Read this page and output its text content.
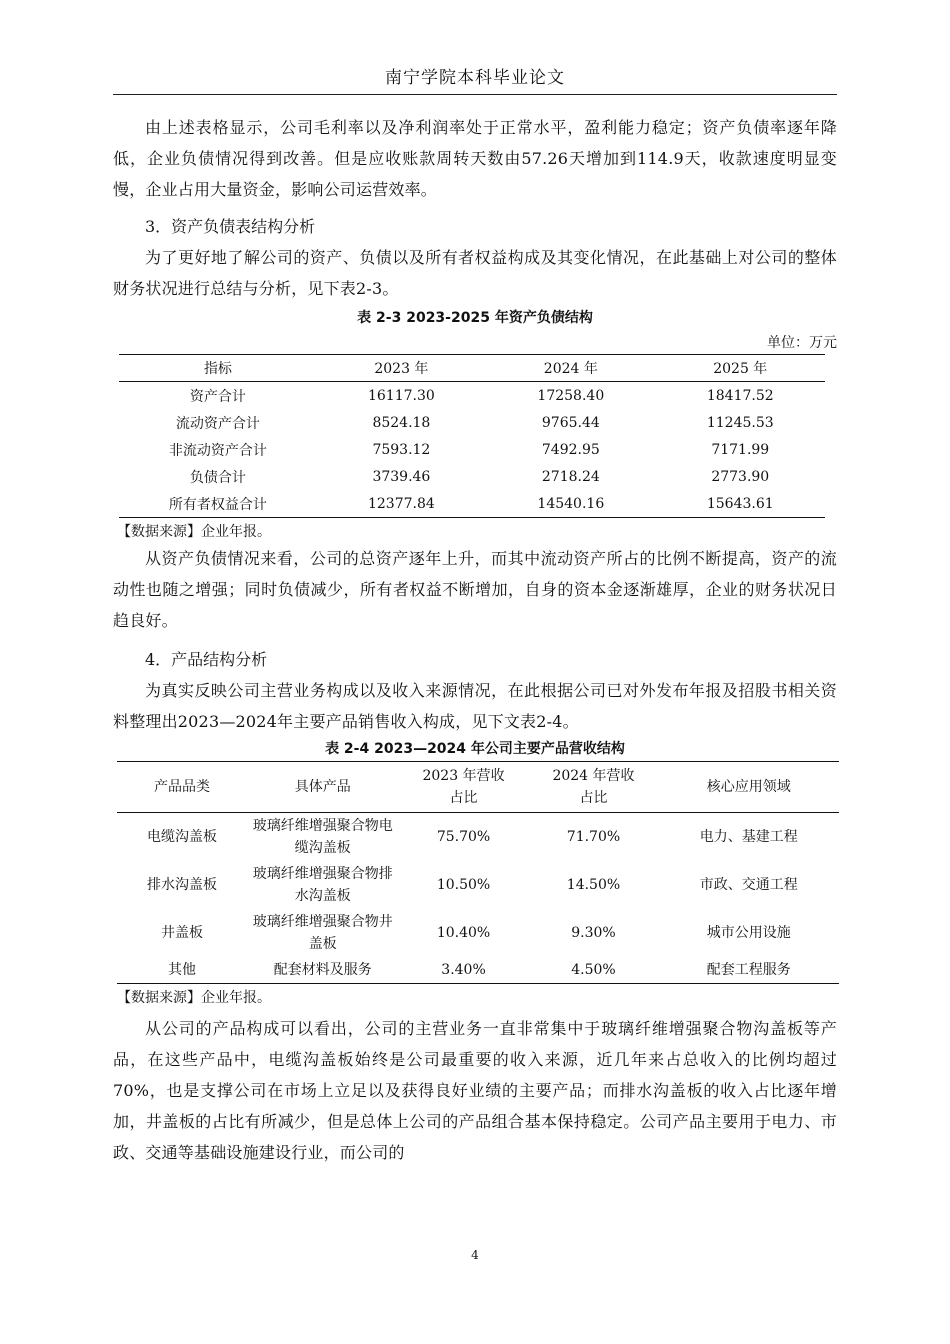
南宁学院本科毕业论文

由上述表格显示，公司毛利率以及净利润率处于正常水平，盈利能力稳定；资产负债率逐年降低，企业负债情况得到改善。但是应收账款周转天数由57.26天增加到114.9天，收款速度明显变慢，企业占用大量资金，影响公司运营效率。

3．资产负债表结构分析

为了更好地了解公司的资产、负债以及所有者权益构成及其变化情况，在此基础上对公司的整体财务状况进行总结与分析，见下表2-3。

表 2-3 2023-2025 年资产负债结构
单位：万元
指标	2023 年	2024 年	2025 年
资产合计	16117.30	17258.40	18417.52
流动资产合计	8524.18	9765.44	11245.53
非流动资产合计	7593.12	7492.95	7171.99
负债合计	3739.46	2718.24	2773.90
所有者权益合计	12377.84	14540.16	15643.61
【数据来源】企业年报。

从资产负债情况来看，公司的总资产逐年上升，而其中流动资产所占的比例不断提高，资产的流动性也随之增强；同时负债减少，所有者权益不断增加，自身的资本金逐渐雄厚，企业的财务状况日趋良好。

4．产品结构分析

为真实反映公司主营业务构成以及收入来源情况，在此根据公司已对外发布年报及招股书相关资料整理出2023—2024年主要产品销售收入构成，见下文表2-4。

表 2-4 2023—2024 年公司主要产品营收结构
产品品类	具体产品	2023 年营收占比	2024 年营收占比	核心应用领域
电缆沟盖板	玻璃纤维增强聚合物电缆沟盖板	75.70%	71.70%	电力、基建工程
排水沟盖板	玻璃纤维增强聚合物排水沟盖板	10.50%	14.50%	市政、交通工程
井盖板	玻璃纤维增强聚合物井盖板	10.40%	9.30%	城市公用设施
其他	配套材料及服务	3.40%	4.50%	配套工程服务
【数据来源】企业年报。

从公司的产品构成可以看出，公司的主营业务一直非常集中于玻璃纤维增强聚合物沟盖板等产品，在这些产品中，电缆沟盖板始终是公司最重要的收入来源，近几年来占总收入的比例均超过70%，也是支撑公司在市场上立足以及获得良好业绩的主要产品；而排水沟盖板的收入占比逐年增加，井盖板的占比有所减少，但是总体上公司的产品组合基本保持稳定。公司产品主要用于电力、市政、交通等基础设施建设行业，而公司的

4
